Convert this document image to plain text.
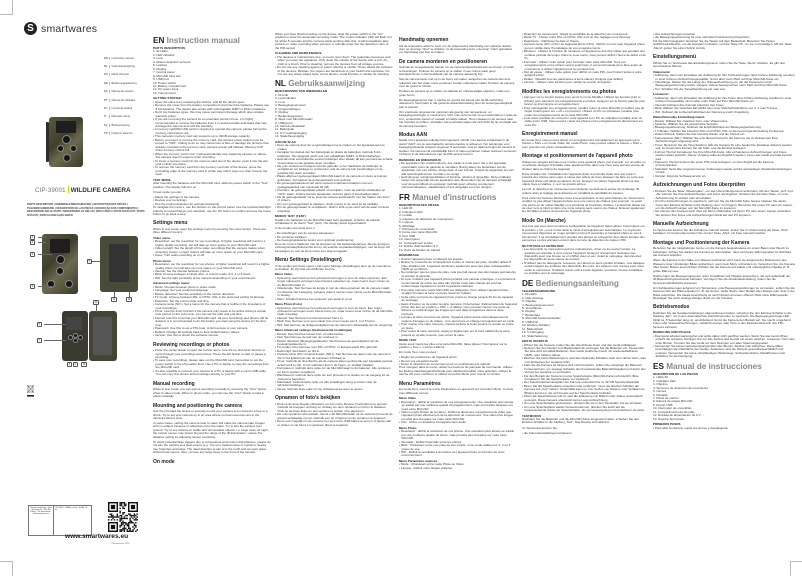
S smartwares
EN	Instruction manual
NL	Gebruiksaanwijzing
FR	Mode d'emploi
DE	Bedienungsanleitung
ES	Manual de usuario
PT	Manual do utilizador
PL	Instrukcja obsługi
IT	Manuale utente
SV	Bruksanvisning
TR	Kullanım kılavuzu
CIP-39001 WILDLIFE CAMERA
PARTS DESCRIPTION | ONDERDELENBESCHRIJVING | DESCRIPTION DES PIÈCES | TEILEBESCHREIBUNG | DESCRIPCIÓN DE LAS PIEZAS | DESCRIÇÃO DOS COMPONENTES | DESCRIZIONE DELLE PARTI | BESKRIVNING AV DELAR | OPIS CZĘŚCI / POPIS SOUČÁSTÍ / POPIS SÚČASTÍ | PARÇALARIN AÇIKLAMASI
1
2
3
4
5
13	12
6
7
8	9	10
11
Smartwares Europe · Jules Verneweg 87 · 5015 BH Tilburg · The Netherlands · www.smartwares.eu
CIP-39001 · Wildlife camera · 8x AA · 6V DC
www.smartwares.eu
© Smartwares 2018
EN Instruction manual
PARTS DESCRIPTION
1. IR LEDs
2. LED indicator
3. Lens
4. Motion detection sensors
5. Latches
6. Display
7. Control panel
8. MicroSD card slot
9. USB port
10. Power switch
11. Battery compartment
12. 6V power input
13. Tripod mount
GETTING STARTED
• Open the camera by releasing the latches, and lift the device open.
• Remove the cover from the battery compartment and insert the batteries. Please use 8 AA batteries. The device also works with rechargeable NiMH or lithium batteries.
• Don't mix batteries types, this may cause permanent damage which also violates warranty policy.
• If you are not using the camera for an extended period of time, it is highly recommended to remove the batteries from it to avoid possible acid leaks that may damage the camera and void the warranty.
• A memory card(MicroSD card) is required to operate the camera, please format the memory card before use.
• This camera's memory card slot supports up to 32GB storage capacity.
• Before you insert or remove the memory card, the camera power switch must be turned to "OFF". Failing to do so may cause loss of files or damage the pictures that already recorded in the memory card, camera screen will indicate "Memory Full" when memory card is full.
• When the memory card is full, it will automatically stop capturing pictures or videos, this camera doesn't support cyclic recording.
• To insert a memory card into the memory card slot of the device, push it into the slot until it clicks into place.
• To remove the memory card from the memory card slot of the device, press the protruding edge of the memory card in a little way until it pops out, then remove the card.
TEST MODE
After inserting the batteries and the MicroSD card, slide the power switch to the "Test" position. The display will turn on.
In test mode you can:
• Adjust the settings of the camera
• Review your recordings
• Test the motion detection for optimal positioning
To navigate the menu's, use the buttons on the control panel. Use the up/down/left/right buttons to move/change your selection, use the OK button to confirm and use the menu button to go back a step.
Settings menu
When in test mode, open the settings menu by pressing the menu button. There are three different menu's:
Video menu
• Resolution: set the resolution for you recordings. A higher resolution will result in a higher quality recording, but will take up more space on your MicroSD card.
• Video Length: Set the length of the video recordings that the camera makes when detecting motion. Longer video's will take up more space on your MicroSD card.
• Voice: Turn audio recording on or off.
Photo menu
• Resolution: set the resolution for you photos. A higher resolution will result in a higher quality photo, but will take up more space on your MicroSD card.
• Interval: Set the interval between photos.
• Multi: Choose between a single shot, or a burst mode of 3, 4 or 5 shots.
• ISO: Set the light sensitivity of the camera depending on your environment.
Advanced settings menu:
• Mode: Choose between photo or video mode.
• Language: Set your preferred language.
• Motion detection: Set the sensitivity of the motion detection.
• TV mode: Choose between PAL or NTSC. PAL is the preferred setting for Europe.
• Date/time: Set the correct date and time.
• Camera name (NO.): Set a name for the camera that is visible in the timestamp of your recordings.
• Timer: Use the timer function if the camera only needs to be active during a certain time period. In the sub menu, you can set the start and end time.
• Format: Use this to format your MicroSD card. All your recordings and photos will be deleted. It is recommended to do this before you start using the device for the first time.
• Password: Use this to set a PIN code, to limit access to your camera.
• Default: Change all settings back to their default factory values.
• Version: Use this to check the software version.
Reviewing recordings or photos
• Press the replay button to open the review menu. Use the up and down buttons to cycle through your recordings and photos. Press the left button to start or pause a recording.
• To save your recordings, please take out the MicroSD card (remember to set the power switch in the off position first). Use a PC or laptop to copy the recordings from the MicroSD card.
• It's also possible to connect your camera to a PC or laptop with a micro USB cable. You can copy the photos and recordings directly to your PC.
Manual recording
When in test mode, you can start a recording manually by pressing the "shot" button when in video mode. When in photo mode, you can use the "shot" button to take a photo manually.
Mounting and positioning the camera
Use the provided the straps to securely mount your camera to for instance a tree or a shrub. Try to set your camera up in an area where no heat resources are in the camera's field of view.
In some cases, setting the camera near to water will make the camera take images with no subject because of reflections from the water. Try to aim the camera over ground. Try to set camera on stable and unmoveable objects, i.e. large trees. At night, the motion sensor may detect beyond the range of the IR illumination, reduce the distance setting by adjusting sensor sensitivity.
To avoid potential false triggers due to temperature and motion disturbances, please do not aim the camera at a heat source (e.g.: the sun, heated stone or metal) or nearby tree branches and twigs. The ideal direction to aim at is the north and an open place without heat source. Also, remove any twigs close to the front of the camera.
On mode
When you have finished setting up the device, slide the power switch to the "On" position to enter the automatic recording mode. The motion indicator LED will flash red for about 5 seconds and the camera starts working after that. It will immediately take pictures or video recording when persons or animals enter into the detection zone of the PIR sensor.
CLEANING AND MAINTENANCE
• The devices is maintenance free, so never open them. The guarantee becomes void when you open the appliance. Only clean the outside of the device with a soft, dry cloth or a brush. Prior to cleaning, remove the devices from all voltage sources.
• Do not use any cleaning agents or petrol, alcohol or similar. These attack the surfaces of the devices. Besides, the vapors are hazardous to your health and explosive. Do not use any sharp edged tools, screw drivers, metal brushes or similar for cleaning.
NL Gebruiksaanwijzing
BESCHRIJVING VAN ONDERDELEN
1. IR-leds
2. Led-indicator
3. Lens
4. Bewegingssensoren
5. Vergrendelingen
6. Display
7. Bedieningspaneel
8. Sleuf voor MicroSD-kaart
9. USB-poort
10. Aan/uit-schakelaar
11. Batterijvak
12. 6 V voedingsingang
13. Statiefbevestiging
AAN DE SLAG
• Open de camera door de vergrendelingen los te maken en het apparaat open te maken.
• Verwijder het deksel van het batterijvak en plaats de batterijen. Gebruik 8 AA-batterijen. Het apparaat werkt ook met oplaadbare NiMH- of lithiumbatterijen.
• Gebruik nooit verschillende soorten batterijen door elkaar; dit kan permanente schade veroorzaken en de garantie doen vervallen.
• Als u de camera een langere tijd niet gebruikt, is het raadzaam de batterijen te verwijderen om lekkage te voorkomen, wat de camera kan beschadigen en de garantie kan doen vervallen.
• Plaats altijd een geheugenkaart (MicroSD-kaart) in de camera om deze te kunnen gebruiken. Formatteer de geheugenkaart voor gebruik.
• De geheugenkaartsleuf van deze camera ondersteunt kaarten met een opslagcapaciteit van maximaal 32 GB.
• Voordat u de geheugenkaart plaatst of verwijdert, moet de aan/uit-schakelaar op "OFF" staan. Anders kunnen bestanden verloren gaan of beschadigd raken.
• Als de geheugenkaart vol is, stopt de camera automatisch met het maken van foto's of video's.
• Om een geheugenkaart te plaatsen, drukt u deze in de sleuf tot hij vastklikt.
• Om de geheugenkaart te verwijderen, drukt u licht op de rand van de kaart tot deze uitspringt.
MODUS TEST (TEST)
Nadat u de batterijen en de MicroSD-kaart hebt geplaatst, schuift u de aan/uit-schakelaar in de stand "Test" (test). Het display wordt ingeschakeld.
In de modus test (test) kunt u:
• De instellingen van de camera aanpassen
• De opnamen bekijken
• De bewegingsdetectie testen voor optimale positionering
Door de menu's bladeren met de knoppen op het bedieningspaneel. Met de knoppen omhoog/omlaag/links/rechts kunt u uw selectie verplaatsen/wijzigen, met de knop OK bevestigen en met de knop menu een stap teruggaan.
Menu Settings (Instellingen)
In de modus test (test) opent u het menu Settings (Instellingen) door op de menuknop te drukken. Er zijn drie verschillende menu's:
Menu Video:
• Oplossing: stelt hiermee het oplossend vermogen in voor de video-opnamen. Een hoger oplossend vermogen levert betere opnamen op, maar neemt meer ruimte op de MicroSD-kaart in.
• Videolengte: Stel hiermee de lengte in van de video-opnamen die de camera maakt na detectie van beweging. Langere video's nemen meer ruimte op de MicroSD-kaart in beslag.
• Stem: Schakel hiermee het opnemen van audio in of uit.
Menu Photo (Foto)
• Oplossing: stelt hiermee het oplossend vermogen in voor de foto's. Een hoger oplossend vermogen levert betere foto's op, maar neemt meer ruimte op de MicroSD-kaart in beslag.
• Interval: Stel hiermee het interval tussen foto's in.
• Multi: Kies hiermee voor een enkele foto of een reeks van 3, 4 of 5 foto's.
• ISO: Stel hiermee de lichtgevoeligheid van de camera in afhankelijk van de omgeving.
Menu Advanced settings (Geavanceerde instellingen)
• Modus: Kies hiermee tussen foto- of videomodus.
• Taal: Stel hiermee de taal van uw voorkeur in.
• Motion detection (Bewegingsdetectie): Stel hiermee de gevoeligheid van de bewegingsdetectie in.
• TV-modus: Kies hiermee voor PAL of NTSC. In Europa wordt PAL gebruikt.
• Datum/tijd: Stel datum en tijd in.
• Camera name (NO.) (Cameranaam (NR.)): Stel hiermee de naam voor de camera in die in het tijdstempel van de opnamen zichtbaar is.
• Timer: Gebruik de timerfunctie als de camera alleen gedurende een bepaalde periode actief hoeft te zijn. In het submenu kunt u de begin- en eindtijd instellen.
• Formatteren: Gebruik deze optie om de MicroSD-kaart te formatteren. Alle opnamen en foto's worden verwijderd.
• Wachtwoord: Gebruik deze optie om een pincode in te stellen om de toegang tot de camera te beperken.
• Standaard: Gebruik deze optie om alle instellingen terug te zetten naar de fabrieksinstellingen.
• Versie: Gebruik deze optie om de softwareversie weer te geven.
Opnamen of foto's bekijken
• Druk op de knop Replay (Afspelen) om het menu Review (Controleren) te openen. Gebruik de knoppen omhoog en omlaag om door opnamen en foto's te bladeren. Druk op de knop links om een opname te starten of te pauzeren.
• Als u de opnamen wilt opslaan, neemt u de MicroSD-kaart uit de camera (zet eerst de aan/uit-schakelaar op uit). Gebruik een pc of laptop om de opnamen te kopiëren.
• Het is ook mogelijk om de camera met een micro-USB-kabel op een pc of laptop aan te sluiten en de foto's en opnamen direct te kopiëren.
Handmatig opnemen
Als de testmodus actief is, kunt u in de videomodus handmatig een opname starten door op de knop "shot" te drukken. In de fotomodus kunt u de knop "shot" gebruiken om handmatig een foto te maken.
De camera monteren en positioneren
Gebruik de meegeleverde riemen om de camera bijvoorbeeld aan een boom of struik te bevestigen. Probeer de camera op te stellen in een ruimte waar geen warmtebronnen in het beeldveld van de camera aanwezig zijn.
Stel de camera liever niet op in de buurt van water, aangezien de camera dan door reflecties van het water soms opnamen zonder onderwerp maakt. Probeer de camera over de grond te richten.
Probeer de camera op te stellen op stabiele en onbeweeglijke objecten, zoals een grote boom.
De bewegingssensor kan 's nachts tot voorbij het bereik van de IR-verlichting detecteren. Verminder in dat geval de afstandsinstelling door de sensorgevoeligheid aan te passen.
Om eventuele ongewenste opnamen als gevolg van temperatuur- en bewegingsstoringen te voorkomen, richt u de camera niet op een warmtebron (zoals de zon, verwarmde stenen of metaal) of nabije takken. Het is ideaal om de camera naar het noorden te richten. Verwijder ook eventuele takjes die zich dicht bij de voorzijde van de camera bevinden.
Modus AAN
Nadat u het apparaat volledig hebt ingesteld, schuift u de aan/uit-schakelaar in de stand "AAN" om de automatische opnamemodus te activeren. Het led-lampje voor bewegingsdetectie knippert ongeveer 5 seconden rood en daarna begint de camera te werken. De camera zal onmiddellijk foto's of video-opnamen maken wanneer personen of dieren in de detectiezone van de PIR-sensor komen.
REINIGING EN ONDERHOUD
• De apparaten zijn onderhoudsvrij, dus maak ze nooit open. Als u het apparaat openmaakt, komt de garantie te vervallen. Reinig alleen de buitenkant van de apparaten met een zachte, droge doek of een borstel. Koppel de apparaten los van alle spanningsbronnen voordat u ze reinigt.
• Gebruik geen reinigingsmiddelen of benzine, alcohol of dergelijke. Deze middelen tasten het oppervlak van de apparaten aan. Bovendien zijn de dampen schadelijk voor de gezondheid en explosief. Gebruik geen scherpe voorwerpen, schroevendraaiers, staalborstels of iets dergelijks voor het reinigen.
FR Manuel d'instructions
DESCRIPTION DES PIÈCES
1. LED IR
2. Indicateur LED
3. Lentille
4. Capteurs de détection de mouvement
5. Loquets
6. Affichage
7. Panneau de commande
8. Fente pour carte MicroSD
9. Port USB
10. Interrupteur
11. Compartiment à piles
12. Entrée d'alimentation 6 V
13. Point de fixation du trépied
DÉMARRAGE
• Ouvrez l'appareil photo en libérant les loquets.
• Retirez le couvercle du compartiment à piles et insérez les piles. Veuillez utiliser 8 piles alcalines AA. L'appareil fonctionne également avec des piles rechargeables NiMH ou au lithium.
• Ne mélangez pas les types de piles, cela pourrait causer des dommages permanents et annuler la garantie.
• Si vous n'utilisez pas l'appareil photo pendant une période prolongée, il est fortement recommandé de retirer les piles afin d'éviter toute fuite d'acide qui pourrait endommager l'appareil et rendre la garantie caduque.
• Une carte mémoire (carte MicroSD) est obligatoire. Pour utiliser l'appareil photo, veuillez formater la carte mémoire avant de l'utiliser.
• Cette carte mémoire de l'appareil photo prend en charge jusqu'à 32 Go de capacité de stockage.
• Avant d'insérer ou de retirer la carte mémoire, l'interrupteur d'alimentation de l'appareil photo doit être en position « OFF ». À défaut, vous pourriez causer une perte de fichiers ou endommager les images qui sont déjà enregistrées dans la carte mémoire.
• Lorsque la carte mémoire est pleine, l'appareil photo arrête automatiquement la capture d'images ou de vidéos ; il ne prend pas en charge l'enregistrement en cycle.
• Pour insérer une carte mémoire, insérez-la dans la fente jusqu'à ce qu'elle se mette en place.
• Pour retirer la carte mémoire, appuyez légèrement sur le bord saillant de la carte jusqu'à ce qu'elle ressorte, puis retirez la carte.
MODE TEST
Après avoir inséré les piles et la carte MicroSD, faites glisser l'interrupteur sur la position « Test ». L'écran s'allume.
En mode Test, vous pouvez :
• Régler les paramètres de l'appareil photo
• Revoir vos enregistrements
• Tester la détection de mouvement pour un positionnement optimal
Pour naviguer dans le menu, utiliser les boutons du panneau de commande. Utilisez les flèches haut/bas/gauche/droite pour déplacer/modifier votre sélection, utilisez la touche OK pour confirmer et utilisez la touche Menu pour revenir en arrière.
Menu Paramètres
En mode Test, ouvrez le menu Paramètres en appuyant sur le bouton Menu. Il existe trois différents menus :
Menu Vidéo
• Résolution : définit la résolution de vos enregistrements. Une résolution plus élevée se traduit par une meilleure qualité d'enregistrement, mais prend plus d'espace sur votre carte MicroSD.
• Video Length (Durée de la vidéo) : Définit la durée des enregistrements vidéo que l'appareil photo effectue lors de la détection de mouvement. Une vidéo plus longue prendra plus d'espace sur votre carte MicroSD.
• Voix : Active ou désactive l'enregistrement audio.
Menu Photo
• Résolution : définit la résolution de vos photos. Une résolution plus élevée se traduit par une meilleure qualité de photo, mais prendra plus d'espace sur votre carte MicroSD.
• Intervalle : Définit l'intervalle entre les photos.
• Multi : Choisissez entre une prise de vue simple, ou le mode rafale pour 3, 4 ou 5 prises de vue.
• ISO : Définit la sensibilité à la lumière de l'appareil photo en fonction de votre environnement.
Menu Paramètres avancés
• Mode : Choisissez entre mode Photo ou Vidéo.
• Langue : Définir votre langue préférée.
• Détection de mouvement : Règle la sensibilité de la détection de mouvement.
• Mode TV : Choisir entre PAL ou NTSC. PAL est l'un des réglages pour l'Europe.
• Date/heure : Définissez la date et l'heure.
• Camera name (NO.) (Nom de l'appareil photo (NO)) : Définir un nom pour l'appareil photo qui est visible dans l'horodatage de vos enregistrements.
• Minuteur : Utilisez la fonction de minuterie si l'appareil ne doit être utilisé que pendant une certaine période de temps. Dans le sous-menu, vous pouvez définir l'heure de début et de fin.
• Formater : Utilisez cette option pour formater votre carte MicroSD. Tous vos enregistrements et les photos seront supprimés. Il est recommandé de le faire avant de commencer à utiliser l'appareil pour la première fois.
• Mot de passe : Utilisez cette option pour définir un code PIN, pour limiter l'accès à votre appareil photo.
• Défaut : Rétablit tous les paramètres à leurs valeurs d'origine (par défaut).
• Version : Utilisez cette fonction pour vérifier la version du logiciel.
Modifiez les enregistrements ou photos
• Appuyez sur le bouton lecture pour ouvrir le menu Modifier. Utilisez les boutons [Up] et [Down] pour parcourir vos enregistrements et photos. Appuyez sur le bouton gauche pour lancer ou interrompre un enregistrement.
• Pour sauvegarder vos enregistrements, veuillez retirer la carte MicroSD (n'oubliez pas de régler l'interrupteur sur « off » en premier). Utilisez un PC ou ordinateur portable pour copier les enregistrements de la carte MicroSD.
• Il est aussi possible de connecter votre appareil à un PC ou ordinateur portable avec un câble micro USB. Vous pouvez copier les photos et les enregistrements directement sur votre PC.
Enregistrement manuel
En mode Test, vous pouvez lancer un enregistrement manuellement en appuyant sur le bouton « Shot » en mode Vidéo. En mode Photo, vous pouvez utiliser le bouton « Shot » pour prendre une photo manuellement.
Montage et positionnement de l'appareil photo
Utilisez les sangles fournies pour monter votre appareil photo, par exemple, sur un arbre ou un arbuste. Essayez d'installer votre appareil photo dans une zone sans aucune source de chaleur dans le champ de l'appareil.
Dans certains cas, l'installation de l'appareil photo à proximité d'eau fera que celui-ci prendra des photos sans sujet, à cause des reflets de l'eau. Essayez de faire en sorte que l'appareil photo soit dirigé au-dessus du sol. Essayez de placer l'appareil photo sur des objets fixes et stables, c.-à-d. de grands arbres.
La nuit, le détecteur de mouvement peut détecter au-delà de la portée de l'éclairage IR, réduire alors le réglage de la distance en modifiant la sensibilité du capteur.
Pour éviter les fausses alarmes dues à la température et aux perturbations de mouvement, veuillez ne pas diriger l'appareil photo vers une source de chaleur (par exemple : le soleil, une pierre ou du métal chauffé) ou à proximité de branches d'arbres. La direction idéale est de viser vers le Nord et dans une zone ouverte sans source de chaleur. Enlevez également les brindilles proches du devant de l'appareil photo.
Mode On (Marche)
Une fois que vous avez terminé la configuration de l'appareil, faites glisser l'interrupteur sur la position « On » pour entrer dans le mode d'enregistrement automatique. Le voyant de mouvement clignotera en rouge pendant environ 5 secondes et l'appareil photo se met à fonctionner. Il va immédiatement prendre des photos ou enregistrer des vidéos lorsque des personnes ou des animaux entrent dans la zone de détection du capteur PIR.
NETTOYAGE ET ENTRETIEN
• Les dispositifs ne nécessitent aucune maintenance. Ainsi, ne les ouvrez jamais. La garantie est annulée si vous ouvrez l'appareil. Nettoyez uniquement l'extérieur des dispositifs avec une brosse ou un chiffon doux et sec. Avant le nettoyage, déconnectez les dispositifs de toute source de tension.
• N'utilisez pas de détergents, l'essence, de l'alcool ou autre produit similaire. Ces attaques endommagent les surfaces des dispositifs. En outre, les vapeurs sont nocives pour votre santé et explosives. N'utilisez aucun outil à bords aiguisés, tournevis, brosse métallique ou similaire pour le nettoyage.
DE Bedienungsanleitung
TEILEBESCHREIBUNG
1. IR-LEDs
2. LED-Anzeige
3. Objektiv
4. Bewegungssensoren
5. Verschlüsse
6. Display
7. Bedienfeld
8. MicroSD-Kartensteckplatz
9. USB-Port
10. Ein/Aus-Schalter
11. Batteriefach
12. 6 V-Eingang
13. Stativhalterung
ERSTE SCHRITTE
• Öffnen Sie die Kamera, indem Sie die Verschlüsse lösen und das Gerät aufklappen.
• Nehmen Sie den Deckel vom Batteriefach ab und legen Sie die Batterien ein. Verwenden Sie bitte acht AA-Alkali-Batterien. Das Gerät funktioniert auch mit wiederaufladbaren NiMH- oder Lithium-Akkus.
• Mischen Sie keine Batterietypen, weil dies bleibende Schäden nach sich ziehen kann, was zum Erlöschen der Garantie führt.
• Falls Sie die Kamera für längere Zeit nicht benutzen, sollten Sie unbedingt die Batterien herausnehmen, um etwaige Schäden durch auslaufende Batterieflüssigkeit und damit den Verlust der Garantie zu vermeiden.
• Für den Betrieb der Kamera ist eine Speicherkarte (MicroSD-Karte) erforderlich. Bitte formatieren Sie die Speicherkarte vor Gebrauch.
• Der Speicherkartensteckplatz der Kamera unterstützt bis zu 32 GB Speicherkapazität.
• Bevor Sie die Speicherkarte einsetzen oder entfernen, muss der Ein/Aus-Schalter der Kamera auf „Aus" stehen. Andernfalls kann es zum Verlust von Dateien oder Schäden an Bildern kommen, die sich bereits auf der Speicherkarte befinden.
• Wenn die Speicherkarte voll ist, wird die Erfassung von Bildern oder Videos automatisch gestoppt. Diese Kamera unterstützt keine Loop-Aufzeichnung.
• Um eine Speicherkarte einzusetzen, drücken Sie sie in den Steckplatz, bis sie einrastet.
• Um eine Speicherkarte wieder herauszunehmen, drücken Sie leicht auf die herausstehende Kante der Speicherkarte, bis sie herausspringt und entnehmen sie dann.
TESTMODUS
Nachdem Sie die Batterien und die MicroSD-Karte eingesetzt haben, schieben Sie den Ein/Aus-Schalter in die Stellung „Test". Das Display wird aktiviert.
Im Testmodus können Sie:
• die Kameraeinstellungen anpassen
• Ihre Aufzeichnungen ansehen
• die Bewegungserkennung für eine optimale Positionierung überprüfen
Für die Menünavigation benutzen Sie die Tasten auf dem Bedienfeld. Benutzen Sie Tasten Auf/Ab/Links/Rechts, um die Auswahl zu ändern, und die Taste OK, um sie zu bestätigen. Mit der Taste „Menü" gehen Sie einen Schritt zurück.
Einstellungsmenü
Öffnen Sie im Testmodus das Einstellungsmenü, indem Sie die Taste „Menü" drücken. Es gibt drei verschiedene Menüs:
Videomenü:
• Auflösung: dient zum Einstellen der Auflösung für Ihre Aufzeichnungen. Eine höhere Auflösung resultiert in einer höheren Aufzeichnungsqualität, nimmt aber mehr Platz auf Ihrer MicroSD-Karte ein.
• Videolänge: Stellen Sie die Länge der Videoaufzeichnung ein, die die Kamera bei einer Bewegungserkennung macht. Längere Videos beanspruchen mehr Platz auf Ihrer MicroSD-Karte.
• Ton: Schalten Sie die Tonaufzeichnung ein oder aus.
Fotomenü:
• Auflösung: dient zum Einstellen der Auflösung für Ihre Fotos. Eine höhere Auflösung resultiert in einer höheren Fotoqualität, nimmt aber mehr Platz auf Ihrer MicroSD-Karte ein.
• Intervall: Definiert das Intervall zwischen den Fotos.
• Multi: Wählen Sie zwischen Einzelbild oder einer Mehrfachaufnahme von 3, 4 oder 5 Fotos.
• ISO: Definiert die Lichtempfindlichkeit der Kamera je nach Umgebung.
Weiterführendes Einstellungsmenü:
• Modus: Wählen Sie zwischen Foto- oder Videomodus.
• Sprache: Wählen Sie die gewünschte Sprache.
• Bewegungserkennung: Definiert die Empfindlichkeit der Bewegungserkennung.
• TV-Modus: Wählen Sie zwischen PAL und NTSC. PAL ist die bevorzugte Einstellung für Europa.
• Datum/Uhrzeit: Stellen Sie das korrekte Datum und die Uhrzeit ein.
• Kameraname (NR.): Wählen Sie eine Bezeichnung für die Kamera, die im Zeitstempel Ihrer Aufzeichnungen angezeigt wird.
• Timer: Benutzen Sie die Timerfunktion, falls die Kamera für eine bestimmte Zeitdauer aktiviert werden soll. Im Untermenü können Sie die Start- und die Endzeit festlegen.
• Format: Hiermit formatieren Sie Ihre MicroSD-Karte. Alle vorhandenen Aufzeichnungen und Fotos werden dabei gelöscht. Dieser Vorgang sollte durchgeführt werden, bevor das Gerät erstmals benutzt wird.
• Passwort: Hiermit können Sie einen PIN-Code festlegen, um den Zugriff auf die Kamera einzuschränken.
• Standard: Setzt alle vorgenommenen Änderungen wieder auf die werkseitigen Standardeinstellungen zurück.
• Version: Zeigt die Softwareversion an.
Aufzeichnungen und Fotos überprüfen
• Drücken Sie die Taste „Wiedergabe", um das Überprüfungsmenü aufzurufen. Mit den Tasten „Auf" und „Ab" können Sie Ihre Aufzeichnungen und Fotos durchgehen. Drücken Sie die linke Taste, um eine Aufzeichnung zu starten oder anzuhalten.
• Um Ihre Aufzeichnungen zu speichern, nehmen Sie die MicroSD-Karte heraus (denken Sie daran, zuvor den Ein/Aus-Schalter in die Stellung „Aus" zu bringen). Benutzen Sie einen PC oder ein Laptop, um die Aufzeichnungen von der MicroSD-Karte zu kopieren.
• Sie können Ihre Kamera auch über ein Micro USB-Kabel mit Ihrem PC oder einem Laptop verbinden. Sie können Ihre Fotos und Aufzeichnungen direkt auf den PC kopieren.
Manuelle Aufzeichnung
Im Testmodus können Sie die Aufnahme manuell starten, indem Sie im Videomodus die Taste „Shot" betätigen. Im Fotomodus können Sie mit der Taste „Shot" ein Foto manuell machen.
Montage und Positionierung der Kamera
Benutzen Sie die mitgelieferten Gurte, um die Kamera beispielsweise an einem Baum oder Busch zu befestigen. Achten Sie darauf, die Kamera so aufzustellen, dass sich keine Wärmequellen im Sichtfeld der Kamera befinden.
Wenn die Kamera in der Nähe von Wasser positioniert wird, kann sie aufgrund der Reflexionen des Wassers unter Umständen Bilder aufnehmen, wenn kein Motiv vorhanden ist. Versuchen Sie, die Kamera über festem Boden auszurichten. Richten Sie die Kamera auf stabile und unbewegliche Objekte (z. B. große Bäume) aus.
Nachts kann der Bewegungssensor unter Umständen auf Objekte ansprechen, die sich außerhalb der IR-Beleuchtungsreichweite befinden. Verringern Sie die Abstandseinstellung, indem Sie die Sensorempfindlichkeit anpassen.
Um Fehlauslösungen aufgrund von Temperatur- oder Bewegungsstörungen zu vermeiden, sollten Sie die Kamera nicht auf Wärmequellen (z. B. die Sonne, heiße Steine oder Metall) oder Zweige oder Äste in der Nähe ausrichten. Die ideale Ausrichtung ist nach Norden an einem offenen Platz ohne Wärmequelle. Beseitigen Sie auch etwaige Zweige direkt vor der Kamera.
Betriebsmodus
Nachdem Sie die Geräteeinstellungen abgeschlossen haben, schieben Sie den Ein/Aus-Schalter in die Stellung „Ein", um in den automatischen Aufnahmemodus zu wechseln. Die Bewegungsanzeige-LED blinkt ca. 5 Sekunden lang rot, anschließend nimmt die Kamera den Betrieb auf. Sie macht umgehend Fotos oder Videoaufzeichnungen, sobald Personen oder Tiere in den Detektionsbereich des PIR-Sensors eintreten.
REINIGUNG UND PFLEGE
• Das Gerät arbeitet wartungsfrei und sollte daher nicht geöffnet werden. Wenn Sie das Gerät öffnen, erlischt die Garantie. Reinigen Sie nur das Äußere des Geräts mit einem weichen, trockenen Tuch oder einer Bürste. Trennen Sie das Gerät vor dem Reinigen von allen Spannungsquellen.
• Verwenden Sie keine Carbonreinigungsmittel oder Benzin, Alkohol oder ähnliches. Diese Mittel beschädigen die Oberfläche der Geräte. Außerdem sind die Dämpfe gesundheitsschädlich und explosiv. Verwenden Sie keine scharfkantigen Werkzeuge, Schraubendreher, Metallbürsten oder ähnliches für die Reinigung.
ES Manual de instrucciones
DESCRIPCIÓN DE LAS PIEZAS
1. LEDs IR
2. Indicador LED
3. Objetivo
4. Sensores de detección de movimiento
5. Cierres
6. Pantalla
7. Panel de control
8. Ranura de tarjeta MicroSD
9. Puerto USB
10. Interruptor de encendido
11. Compartimento de las pilas
12. Entrada de alimentación de 6 V
13. Soporte del trípode
PRIMEROS PASOS
• Para abrir la cámara, suelte los cierres y despliéguela.
